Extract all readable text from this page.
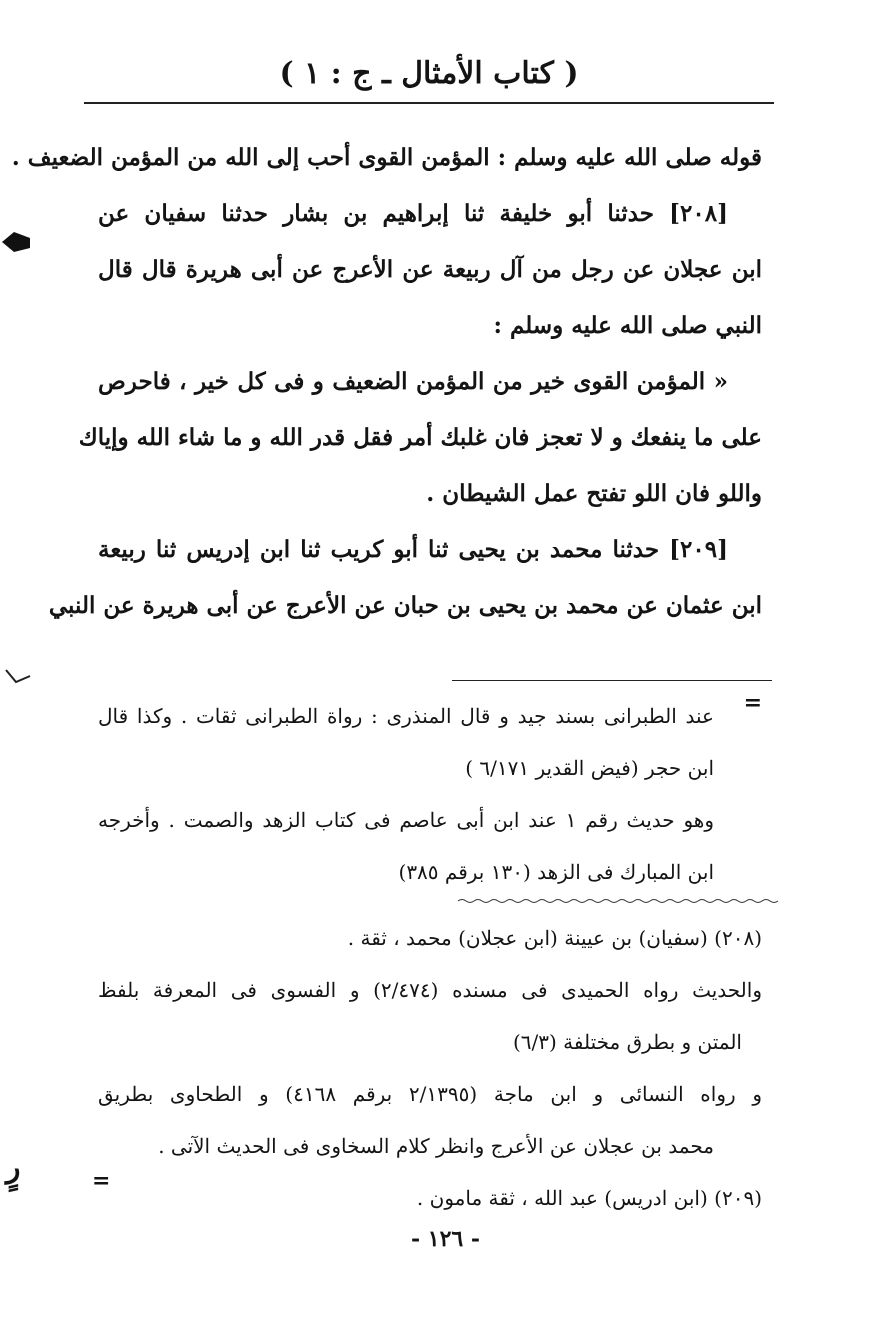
رٍ
( كتاب الأمثال ـ ج : ١ )
قوله صلى الله عليه وسلم : المؤمن القوى أحب إلى الله من المؤمن الضعيف .
[٢٠٨] حدثنا أبو خليفة ثنا إبراهيم بن بشار حدثنا سفيان عن
ابن عجلان عن رجل من آل ربيعة عن الأعرج عن أبى هريرة قال قال
النبي صلى الله عليه وسلم :
« المؤمن القوى خير من المؤمن الضعيف و فى كل خير ، فاحرص
على ما ينفعك و لا تعجز فان غلبك أمر فقل قدر الله و ما شاء الله وإياك
واللو فان اللو تفتح عمل الشيطان .
[٢٠٩] حدثنا محمد بن يحيى ثنا أبو كريب ثنا ابن إدريس ثنا ربيعة
ابن عثمان عن محمد بن يحيى بن حبان عن الأعرج عن أبى هريرة عن النبي
=
عند الطبرانى بسند جيد و قال المنذرى : رواة الطبرانى ثقات . وكذا قال
ابن حجر (فيض القدير ٦/١٧١ )
وهو حديث رقم ١ عند ابن أبى عاصم فى كتاب الزهد والصمت . وأخرجه
ابن المبارك فى الزهد (١٣٠ برقم ٣٨٥)
(٢٠٨) (سفيان) بن عيينة (ابن عجلان) محمد ، ثقة .
والحديث رواه الحميدى فى مسنده (٢/٤٧٤) و الفسوى فى المعرفة بلفظ
المتن و بطرق مختلفة (٦/٣)
و رواه النسائى و ابن ماجة (٢/١٣٩٥ برقم ٤١٦٨) و الطحاوى بطريق
محمد بن عجلان عن الأعرج وانظر كلام السخاوى فى الحديث الآتى .
(٢٠٩) (ابن ادريس) عبد الله ، ثقة مامون .
=
- ١٢٦ -
